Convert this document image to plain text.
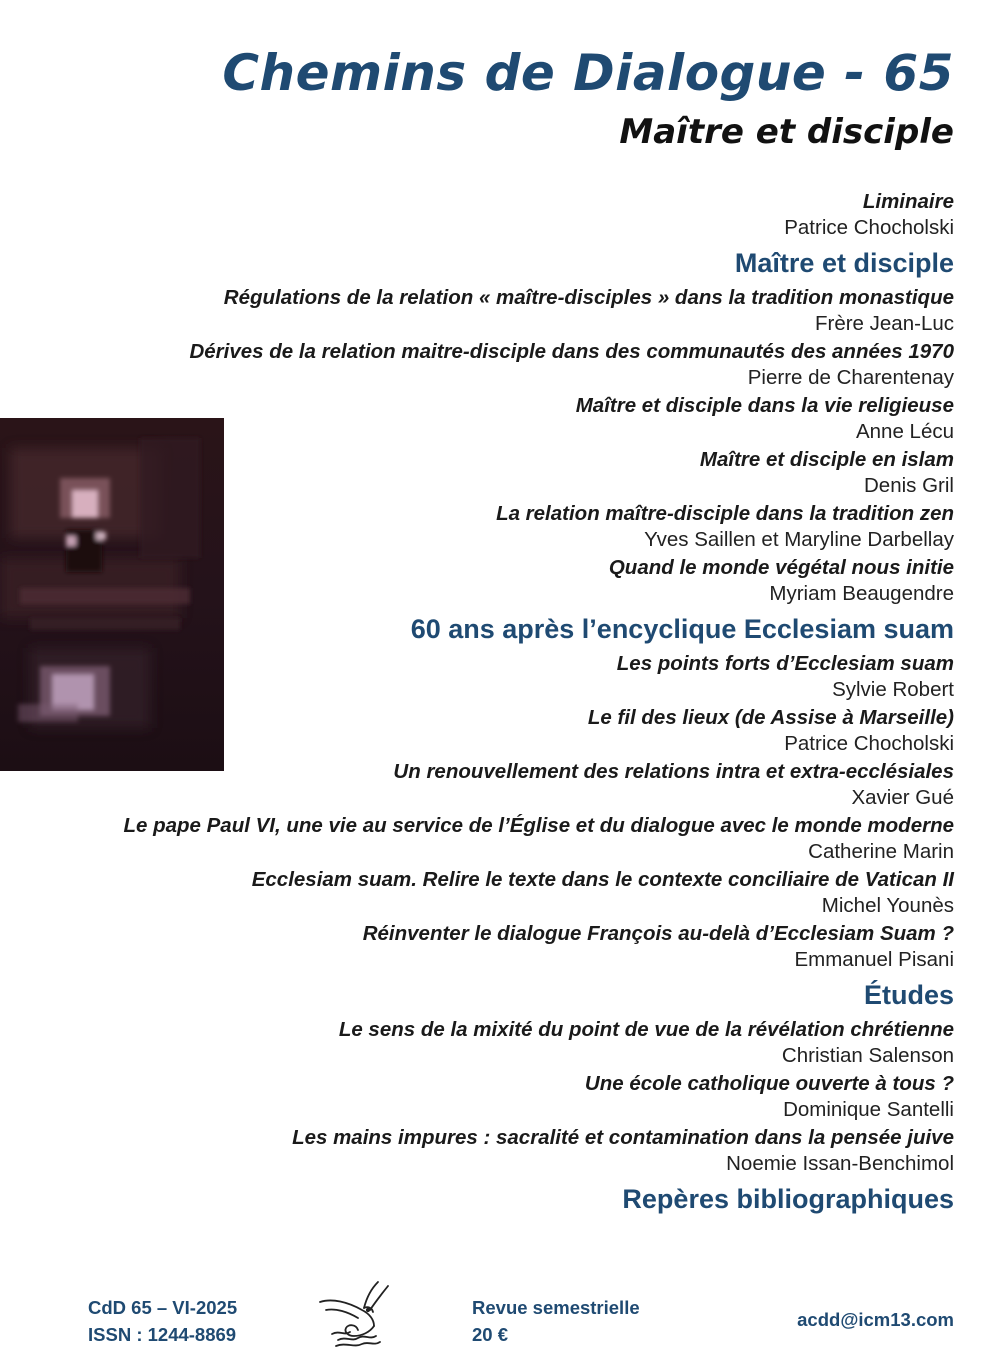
Chemins de Dialogue - 65
Maître et disciple
Liminaire
Patrice Chocholski
Maître et disciple
Régulations de la relation « maître-disciples » dans la tradition monastique
Frère Jean-Luc
Dérives de la relation maitre-disciple dans des communautés des années 1970
Pierre de Charentenay
Maître et disciple dans la vie religieuse
Anne Lécu
Maître et disciple en islam
Denis Gril
La relation maître-disciple dans la tradition zen
Yves Saillen et Maryline Darbellay
Quand le monde végétal nous initie
Myriam Beaugendre
60 ans après l’encyclique Ecclesiam suam
Les points forts d’Ecclesiam suam
Sylvie Robert
Le fil des lieux (de Assise à Marseille)
Patrice Chocholski
Un renouvellement des relations intra et extra-ecclésiales
Xavier Gué
Le pape Paul VI, une vie au service de l’Église et du dialogue avec le monde moderne
Catherine Marin
Ecclesiam suam. Relire le texte dans le contexte conciliaire de Vatican II
Michel Younès
Réinventer le dialogue François au-delà d’Ecclesiam Suam ?
Emmanuel Pisani
Études
Le sens de la mixité du point de vue de la révélation chrétienne
Christian Salenson
Une école catholique ouverte à tous ?
Dominique Santelli
Les mains impures : sacralité et contamination dans la pensée juive
Noemie Issan-Benchimol
Repères bibliographiques
CdD 65 – VI-2025
ISSN : 1244-8869
Revue semestrielle
20 €
acdd@icm13.com
